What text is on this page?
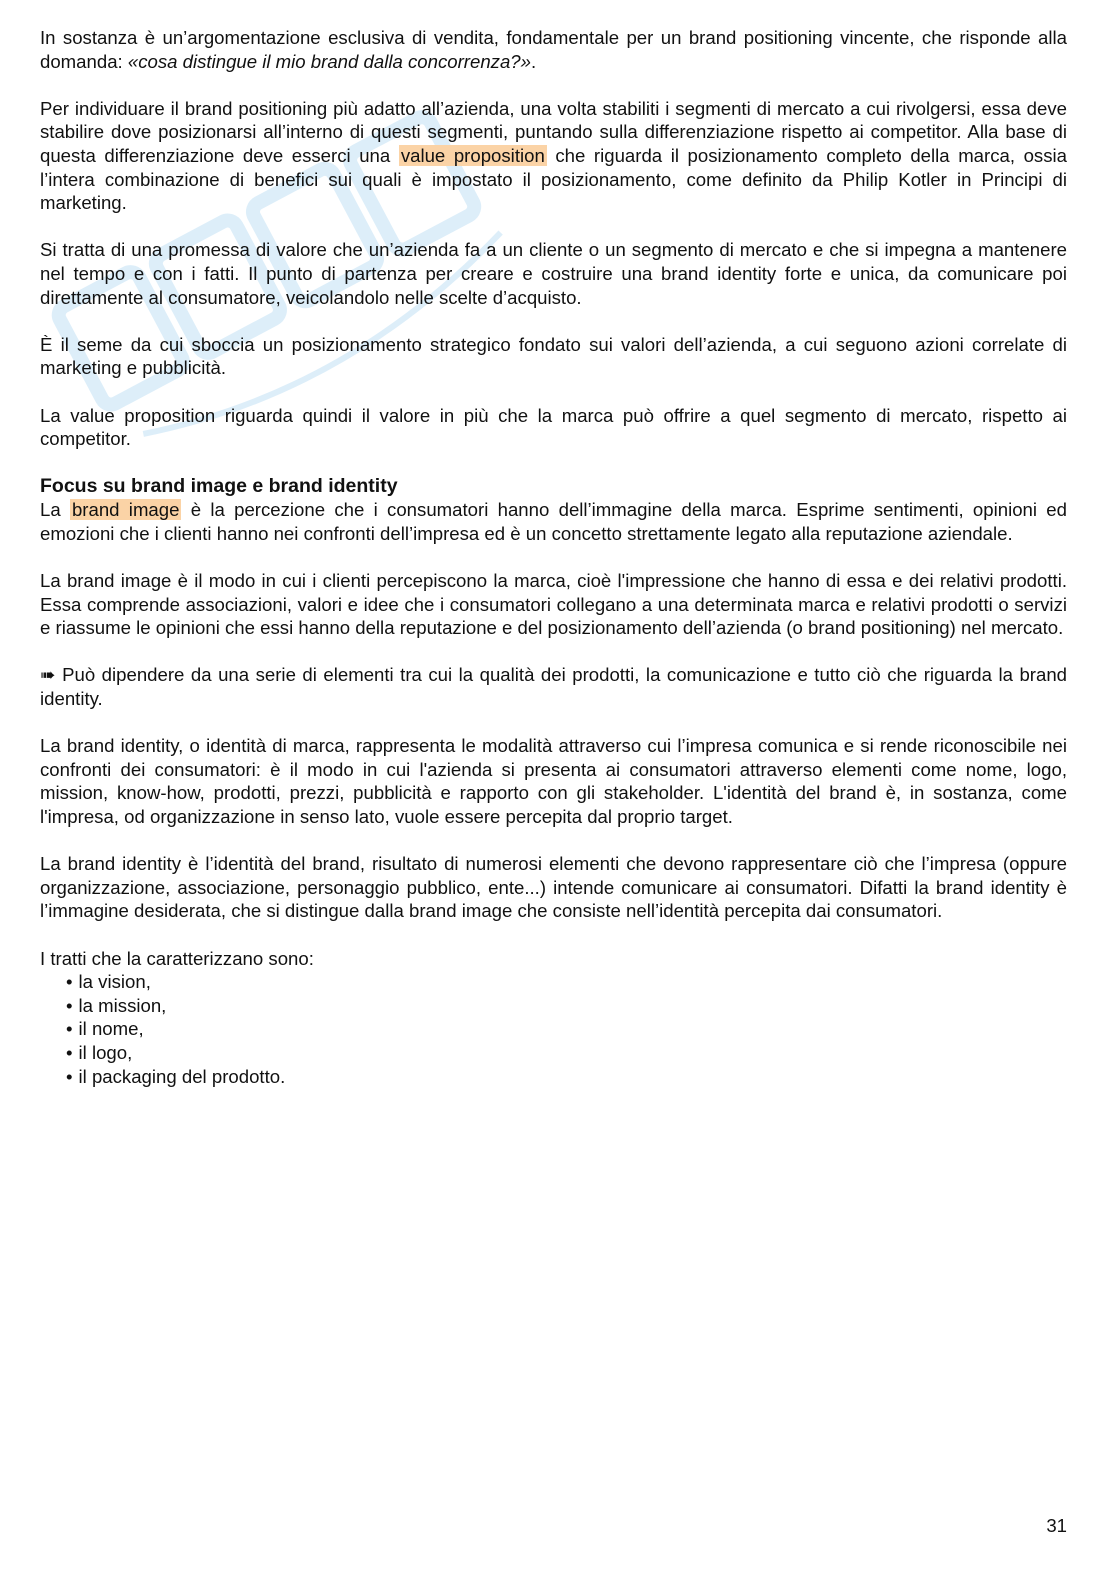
In sostanza è un’argomentazione esclusiva di vendita, fondamentale per un brand positioning vincente, che risponde alla domanda: «cosa distingue il mio brand dalla concorrenza?».

Per individuare il brand positioning più adatto all’azienda, una volta stabiliti i segmenti di mercato a cui rivolgersi, essa deve stabilire dove posizionarsi all’interno di questi segmenti, puntando sulla differenziazione rispetto ai competitor. Alla base di questa differenziazione deve esserci una value proposition che riguarda il posizionamento completo della marca, ossia l’intera combinazione di benefici sui quali è impostato il posizionamento, come definito da Philip Kotler in Principi di marketing.

Si tratta di una promessa di valore che un’azienda fa a un cliente o un segmento di mercato e che si impegna a mantenere nel tempo e con i fatti. Il punto di partenza per creare e costruire una brand identity forte e unica, da comunicare poi direttamente al consumatore, veicolandolo nelle scelte d’acquisto.

È il seme da cui sboccia un posizionamento strategico fondato sui valori dell’azienda, a cui seguono azioni correlate di marketing e pubblicità.

La value proposition riguarda quindi il valore in più che la marca può offrire a quel segmento di mercato, rispetto ai competitor.

Focus su brand image e brand identity

La brand image è la percezione che i consumatori hanno dell’immagine della marca. Esprime sentimenti, opinioni ed emozioni che i clienti hanno nei confronti dell’impresa ed è un concetto strettamente legato alla reputazione aziendale.

La brand image è il modo in cui i clienti percepiscono la marca, cioè l'impressione che hanno di essa e dei relativi prodotti. Essa comprende associazioni, valori e idee che i consumatori collegano a una determinata marca e relativi prodotti o servizi e riassume le opinioni che essi hanno della reputazione e del posizionamento dell’azienda (o brand positioning) nel mercato.

➠ Può dipendere da una serie di elementi tra cui la qualità dei prodotti, la comunicazione e tutto ciò che riguarda la brand identity.

La brand identity, o identità di marca, rappresenta le modalità attraverso cui l’impresa comunica e si rende riconoscibile nei confronti dei consumatori: è il modo in cui l'azienda si presenta ai consumatori attraverso elementi come nome, logo, mission, know-how, prodotti, prezzi, pubblicità e rapporto con gli stakeholder. L'identità del brand è, in sostanza, come l'impresa, od organizzazione in senso lato, vuole essere percepita dal proprio target.

La brand identity è l’identità del brand, risultato di numerosi elementi che devono rappresentare ciò che l’impresa (oppure organizzazione, associazione, personaggio pubblico, ente...) intende comunicare ai consumatori. Difatti la brand identity è l’immagine desiderata, che si distingue dalla brand image che consiste nell’identità percepita dai consumatori.

I tratti che la caratterizzano sono:
• la vision,
• la mission,
• il nome,
• il logo,
• il packaging del prodotto.
31
